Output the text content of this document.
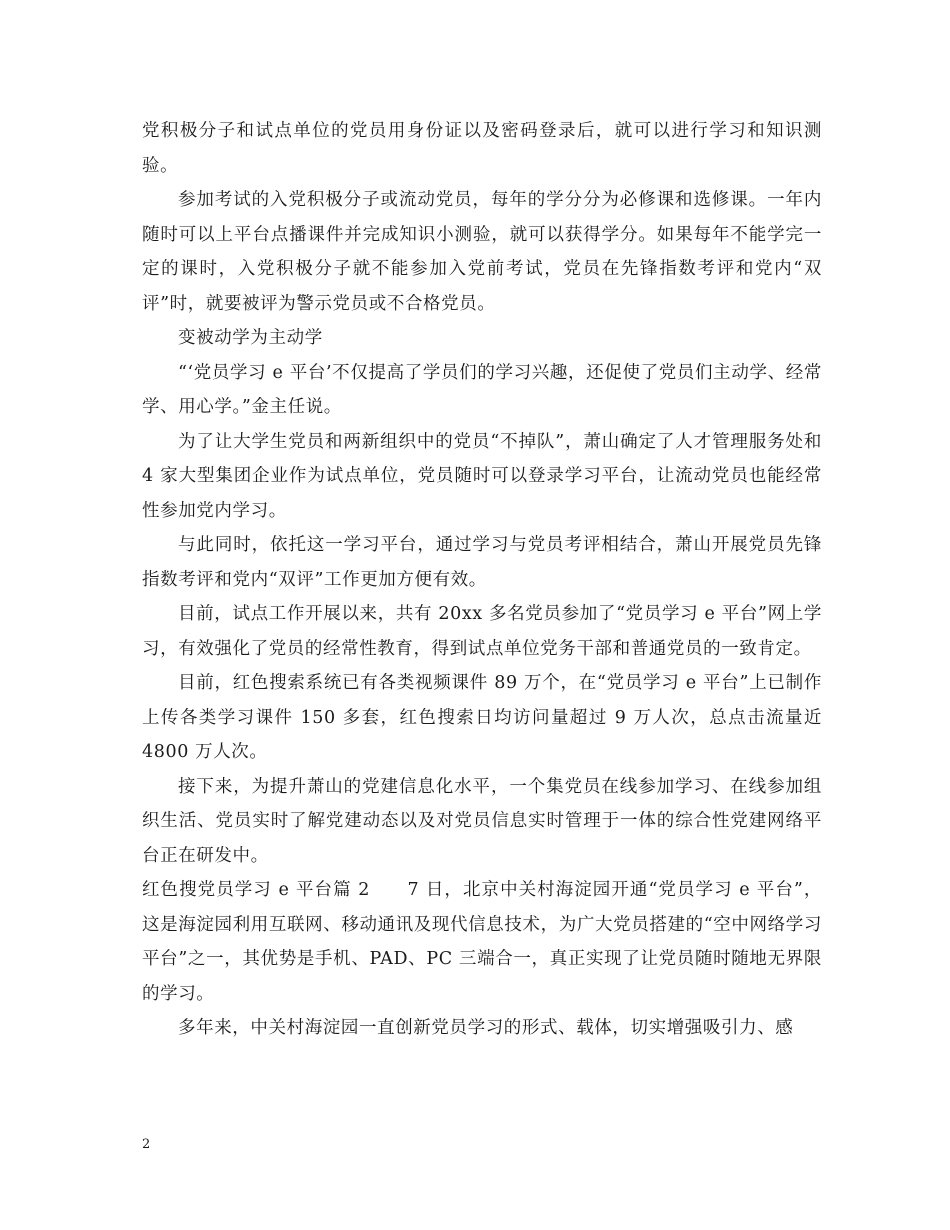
党积极分子和试点单位的党员用身份证以及密码登录后，就可以进行学习和知识测验。

参加考试的入党积极分子或流动党员，每年的学分分为必修课和选修课。一年内随时可以上平台点播课件并完成知识小测验，就可以获得学分。如果每年不能学完一定的课时，入党积极分子就不能参加入党前考试，党员在先锋指数考评和党内“双评”时，就要被评为警示党员或不合格党员。

变被动学为主动学

“‘党员学习 e 平台’不仅提高了学员们的学习兴趣，还促使了党员们主动学、经常学、用心学。”金主任说。

为了让大学生党员和两新组织中的党员“不掉队”，萧山确定了人才管理服务处和 4 家大型集团企业作为试点单位，党员随时可以登录学习平台，让流动党员也能经常性参加党内学习。

与此同时，依托这一学习平台，通过学习与党员考评相结合，萧山开展党员先锋指数考评和党内“双评”工作更加方便有效。

目前，试点工作开展以来，共有 20xx 多名党员参加了“党员学习 e 平台”网上学习，有效强化了党员的经常性教育，得到试点单位党务干部和普通党员的一致肯定。

目前，红色搜索系统已有各类视频课件 89 万个，在“党员学习 e 平台”上已制作上传各类学习课件 150 多套，红色搜索日均访问量超过 9 万人次，总点击流量近 4800 万人次。

接下来，为提升萧山的党建信息化水平，一个集党员在线参加学习、在线参加组织生活、党员实时了解党建动态以及对党员信息实时管理于一体的综合性党建网络平台正在研发中。

红色搜党员学习 e 平台篇 2　　7 日，北京中关村海淀园开通“党员学习 e 平台”，这是海淀园利用互联网、移动通讯及现代信息技术，为广大党员搭建的“空中网络学习平台”之一，其优势是手机、PAD、PC 三端合一，真正实现了让党员随时随地无界限的学习。

多年来，中关村海淀园一直创新党员学习的形式、载体，切实增强吸引力、感

2
